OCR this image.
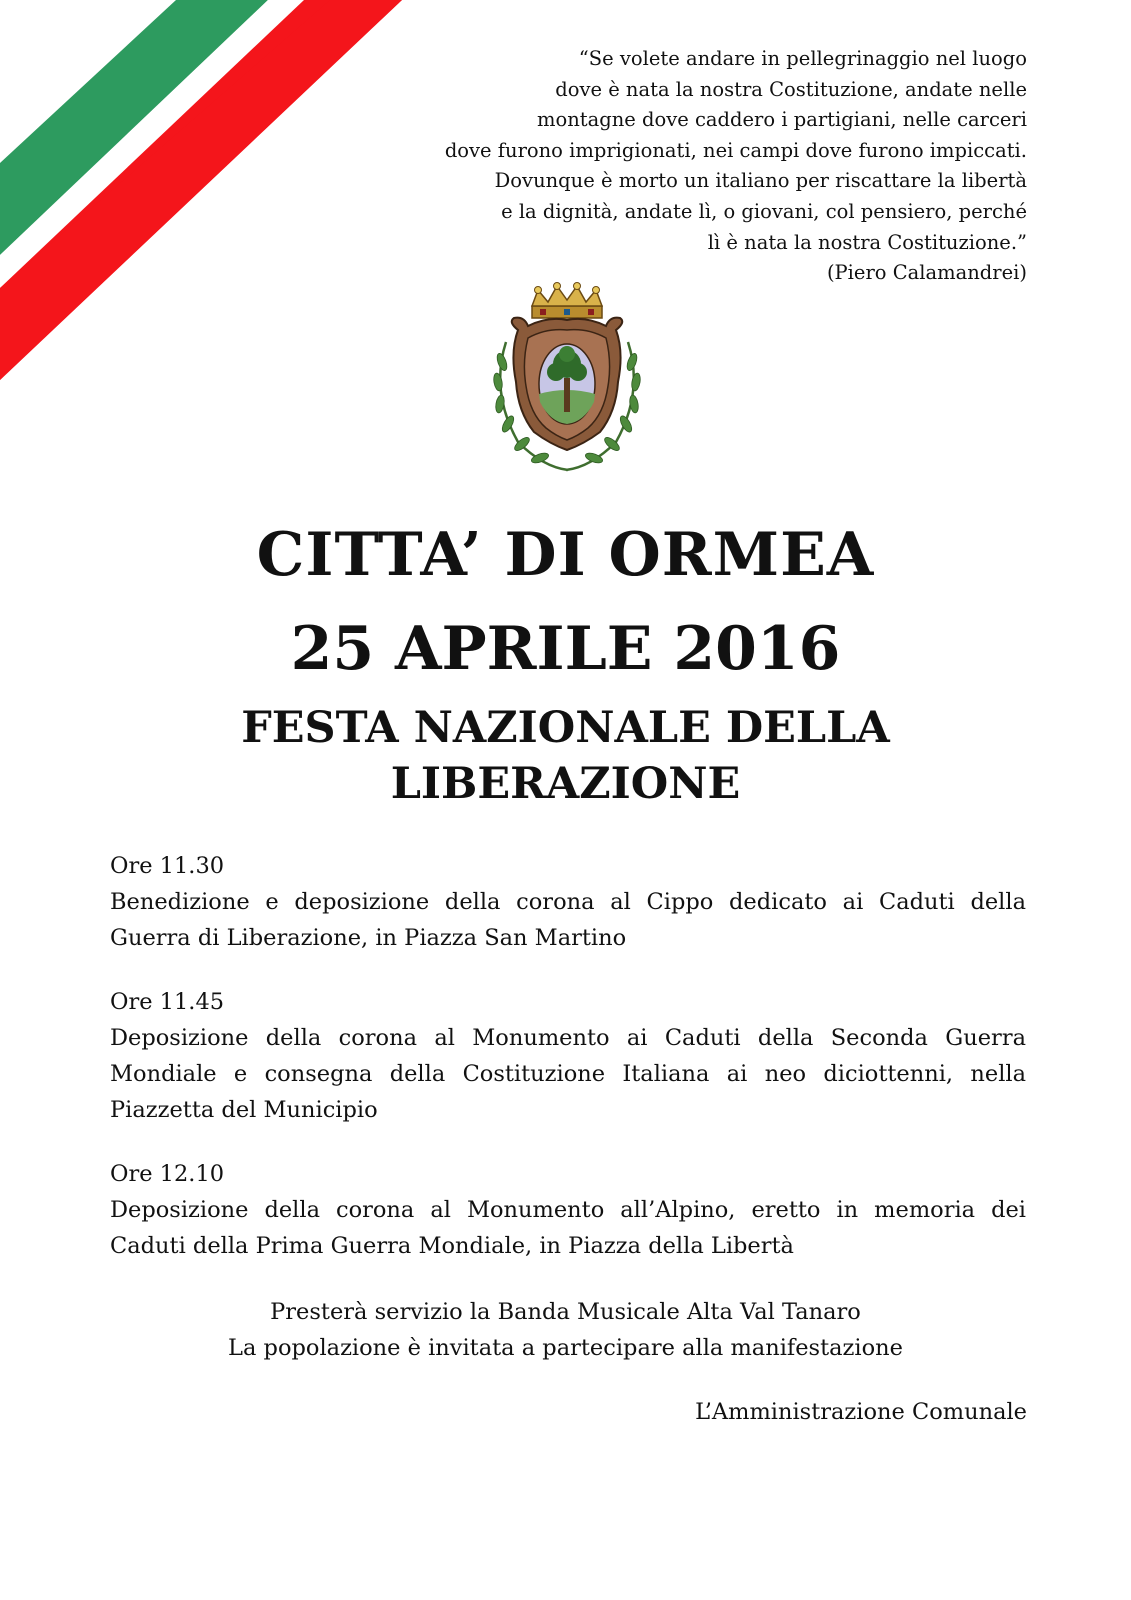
“Se volete andare in pellegrinaggio nel luogo
dove è nata la nostra Costituzione, andate nelle
montagne dove caddero i partigiani, nelle carceri
dove furono imprigionati, nei campi dove furono impiccati.
Dovunque è morto un italiano per riscattare la libertà
e la dignità, andate lì, o giovani, col pensiero, perché
lì è nata la nostra Costituzione.”
(Piero Calamandrei)
CITTA’ DI ORMEA
25 APRILE 2016
FESTA NAZIONALE DELLA
LIBERAZIONE
Ore 11.30
Benedizione e deposizione della corona al Cippo dedicato ai Caduti della Guerra di Liberazione, in Piazza San Martino
Ore 11.45
Deposizione della corona al Monumento ai Caduti della Seconda Guerra Mondiale e consegna della Costituzione Italiana ai neo diciottenni, nella Piazzetta del Municipio
Ore 12.10
Deposizione della corona al Monumento all’Alpino, eretto in memoria dei Caduti della Prima Guerra Mondiale, in Piazza della Libertà
Presterà servizio la Banda Musicale Alta Val Tanaro
La popolazione è invitata a partecipare alla manifestazione
L’Amministrazione Comunale
